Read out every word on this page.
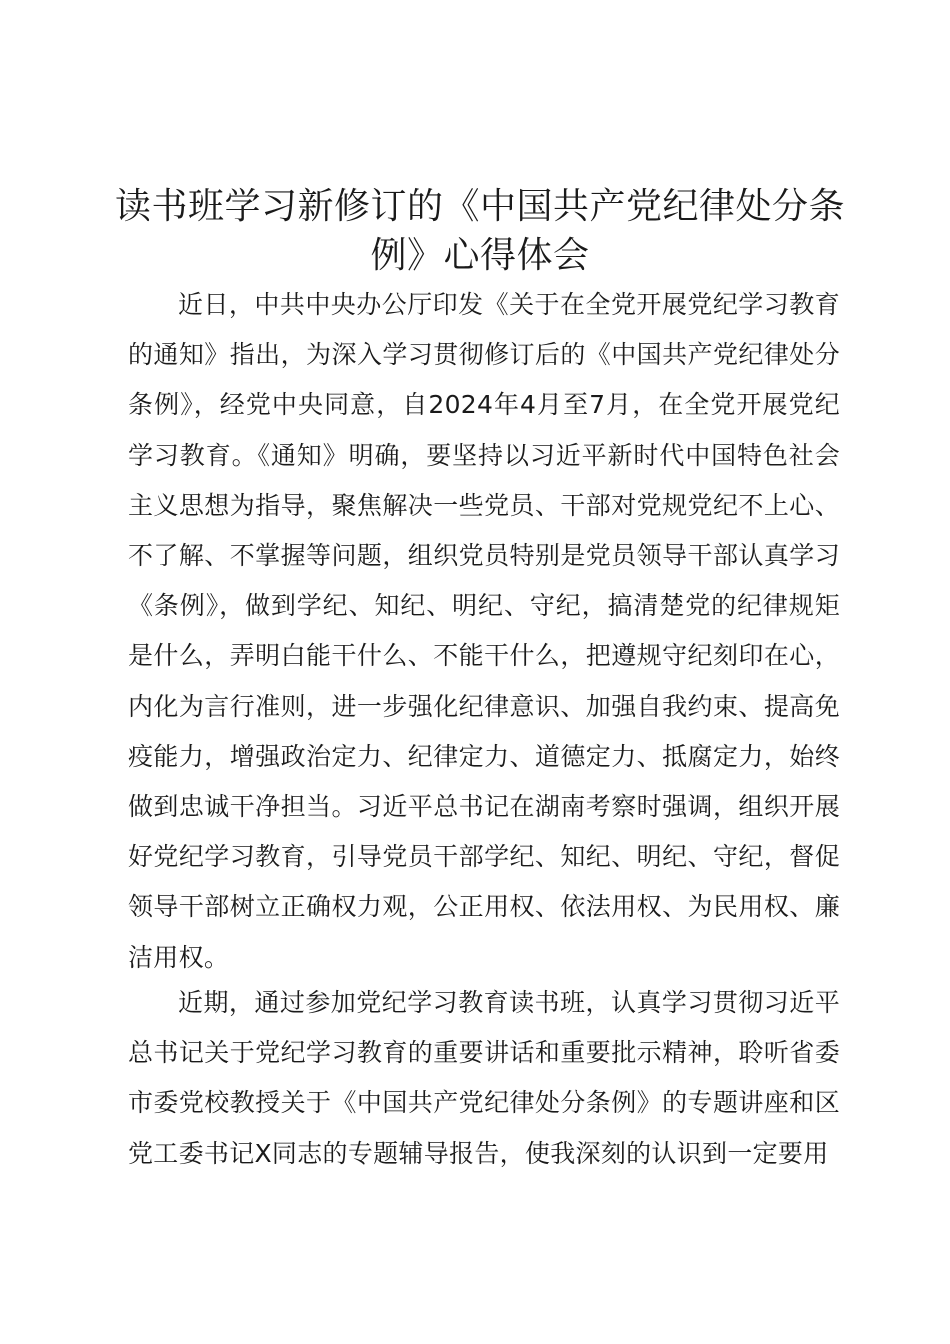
读书班学习新修订的《中国共产党纪律处分条例》心得体会

近日，中共中央办公厅印发《关于在全党开展党纪学习教育的通知》指出，为深入学习贯彻修订后的《中国共产党纪律处分条例》，经党中央同意，自2024年4月至7月，在全党开展党纪学习教育。《通知》明确，要坚持以习近平新时代中国特色社会主义思想为指导，聚焦解决一些党员、干部对党规党纪不上心、不了解、不掌握等问题，组织党员特别是党员领导干部认真学习《条例》，做到学纪、知纪、明纪、守纪，搞清楚党的纪律规矩是什么，弄明白能干什么、不能干什么，把遵规守纪刻印在心，内化为言行准则，进一步强化纪律意识、加强自我约束、提高免疫能力，增强政治定力、纪律定力、道德定力、抵腐定力，始终做到忠诚干净担当。习近平总书记在湖南考察时强调，组织开展好党纪学习教育，引导党员干部学纪、知纪、明纪、守纪，督促领导干部树立正确权力观，公正用权、依法用权、为民用权、廉洁用权。

近期，通过参加党纪学习教育读书班，认真学习贯彻习近平总书记关于党纪学习教育的重要讲话和重要批示精神，聆听省委市委党校教授关于《中国共产党纪律处分条例》的专题讲座和区党工委书记X同志的专题辅导报告，使我深刻的认识到一定要用
